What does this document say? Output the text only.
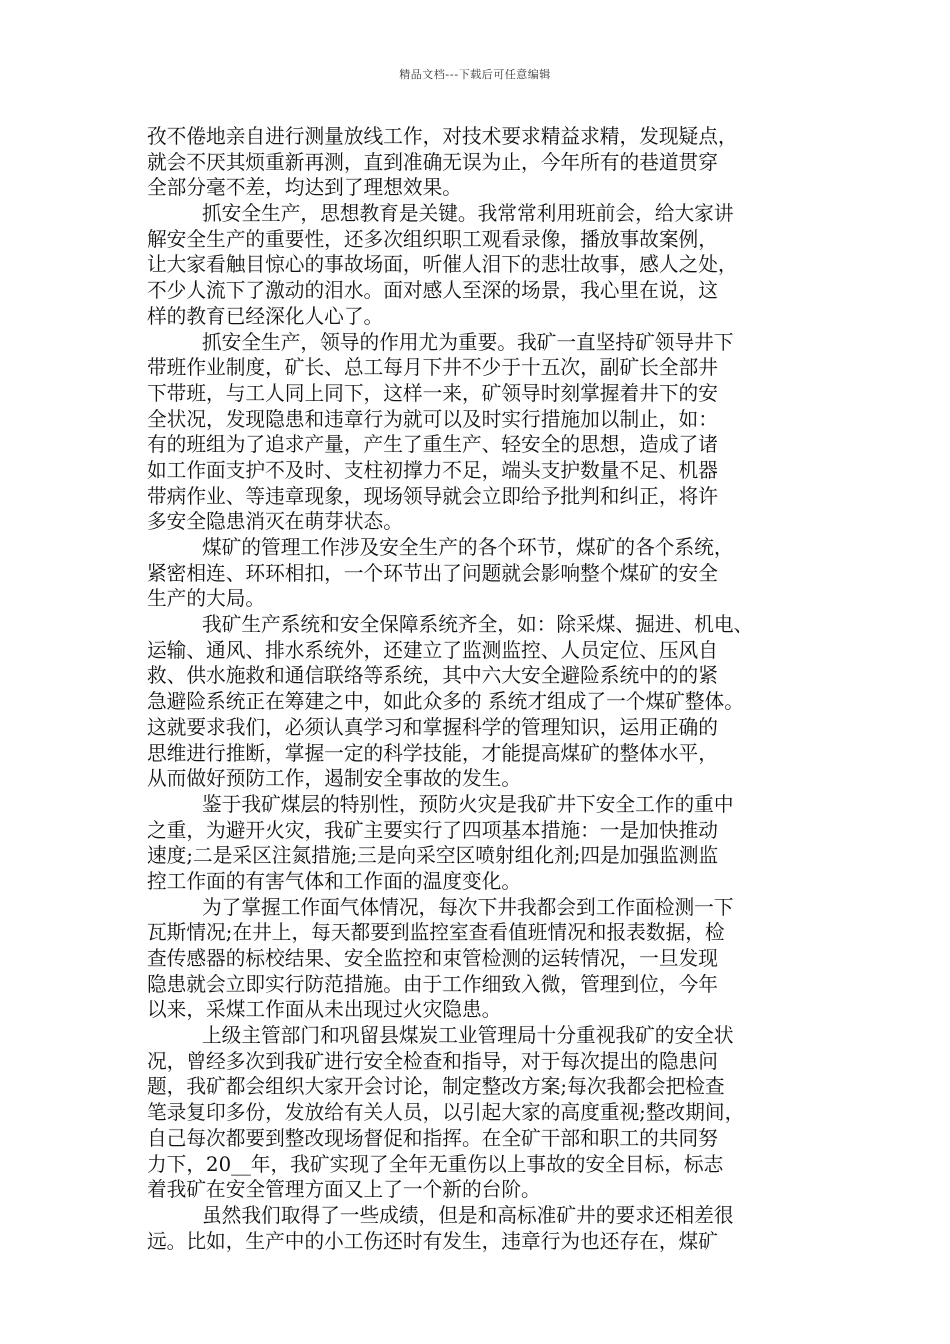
精品文档---下载后可任意编辑
孜不倦地亲自进行测量放线工作，对技术要求精益求精，发现疑点，
就会不厌其烦重新再测，直到准确无误为止，今年所有的巷道贯穿
全部分毫不差，均达到了理想效果。
抓安全生产，思想教育是关键。我常常利用班前会，给大家讲
解安全生产的重要性，还多次组织职工观看录像，播放事故案例，
让大家看触目惊心的事故场面，听催人泪下的悲壮故事，感人之处，
不少人流下了激动的泪水。面对感人至深的场景，我心里在说，这
样的教育已经深化人心了。
抓安全生产，领导的作用尤为重要。我矿一直坚持矿领导井下
带班作业制度，矿长、总工每月下井不少于十五次，副矿长全部井
下带班，与工人同上同下，这样一来，矿领导时刻掌握着井下的安
全状况，发现隐患和违章行为就可以及时实行措施加以制止，如：
有的班组为了追求产量，产生了重生产、轻安全的思想，造成了诸
如工作面支护不及时、支柱初撑力不足，端头支护数量不足、机器
带病作业、等违章现象，现场领导就会立即给予批判和纠正，将许
多安全隐患消灭在萌芽状态。
煤矿的管理工作涉及安全生产的各个环节，煤矿的各个系统，
紧密相连、环环相扣，一个环节出了问题就会影响整个煤矿的安全
生产的大局。
我矿生产系统和安全保障系统齐全，如：除采煤、掘进、机电、
运输、通风、排水系统外，还建立了监测监控、人员定位、压风自
救、供水施救和通信联络等系统，其中六大安全避险系统中的的紧
急避险系统正在筹建之中，如此众多的 系统才组成了一个煤矿整体。
这就要求我们，必须认真学习和掌握科学的管理知识，运用正确的
思维进行推断，掌握一定的科学技能，才能提高煤矿的整体水平，
从而做好预防工作，遏制安全事故的发生。
鉴于我矿煤层的特别性，预防火灾是我矿井下安全工作的重中
之重，为避开火灾，我矿主要实行了四项基本措施：一是加快推动
速度;二是采区注氮措施;三是向采空区喷射组化剂;四是加强监测监
控工作面的有害气体和工作面的温度变化。
为了掌握工作面气体情况，每次下井我都会到工作面检测一下
瓦斯情况;在井上，每天都要到监控室查看值班情况和报表数据，检
查传感器的标校结果、安全监控和束管检测的运转情况，一旦发现
隐患就会立即实行防范措施。由于工作细致入微，管理到位，今年
以来，采煤工作面从未出现过火灾隐患。
上级主管部门和巩留县煤炭工业管理局十分重视我矿的安全状
况，曾经多次到我矿进行安全检查和指导，对于每次提出的隐患问
题，我矿都会组织大家开会讨论，制定整改方案;每次我都会把检查
笔录复印多份，发放给有关人员，以引起大家的高度重视;整改期间，
自己每次都要到整改现场督促和指挥。在全矿干部和职工的共同努
力下，20__年，我矿实现了全年无重伤以上事故的安全目标，标志
着我矿在安全管理方面又上了一个新的台阶。
虽然我们取得了一些成绩，但是和高标准矿井的要求还相差很
远。比如，生产中的小工伤还时有发生，违章行为也还存在，煤矿
